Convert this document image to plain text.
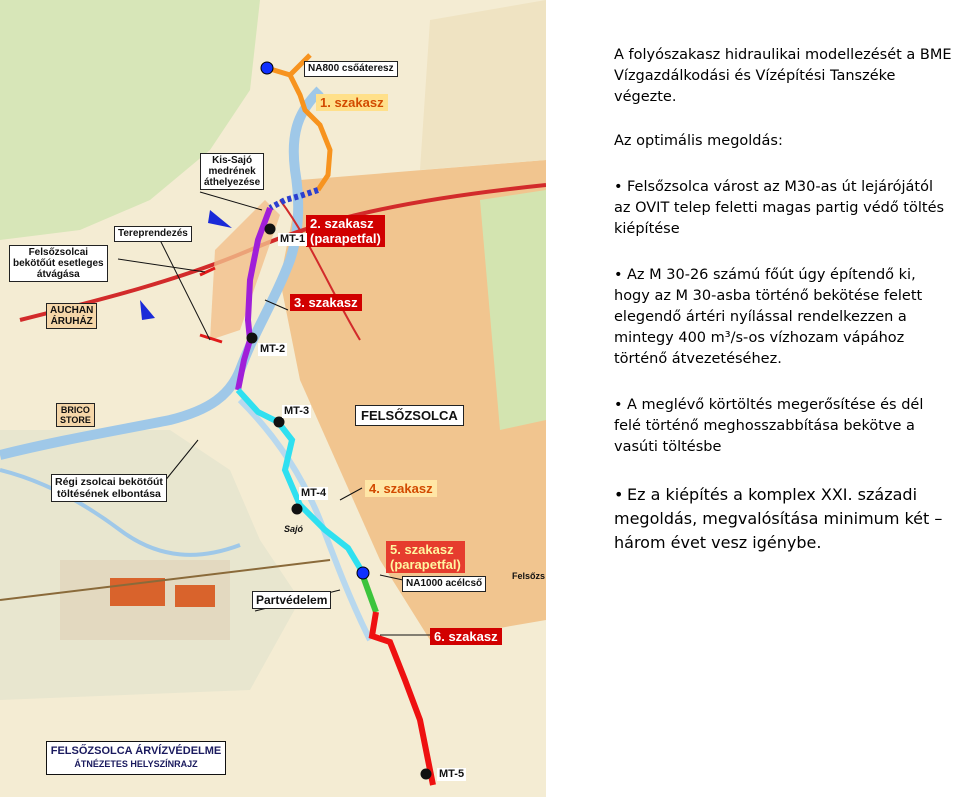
NA800 csőáteresz
1. szakasz
Kis-Sajó
medrének
áthelyezése
Tereprendezés
Felsőzsolcai
bekötőút esetleges
átvágása
2. szakasz
(parapetfal)
3. szakasz
MT-1
MT-2
MT-3
MT-4
MT-5
AUCHAN
ÁRUHÁZ
BRICO
STORE	FELSŐZSOLCA
Régi zsolcai bekötőút
töltésének elbontása	4. szakasz
5. szakasz
(parapetfal)
NA1000 acélcső
Partvédelem
6. szakasz
Felsőzs
Sajó
FELSŐZSOLCA ÁRVÍZVÉDELME
ÁTNÉZETES HELYSZÍNRAJZ

A folyószakasz hidraulikai modellezését a BME Vízgazdálkodási és Vízépítési Tanszéke végezte.

Az optimális megoldás:

• Felsőzsolca várost az M30-as út lejárójától az OVIT telep feletti magas partig védő töltés kiépítése

• Az M 30-26 számú főút úgy építendő ki, hogy az M 30-asba történő bekötése felett elegendő ártéri nyílással rendelkezzen a mintegy 400 m³/s-os vízhozam vápához történő átvezetéséhez.

• A meglévő körtöltés megerősítése és dél felé történő meghosszabbítása bekötve a vasúti töltésbe

• Ez a kiépítés a komplex XXI. századi megoldás, megvalósítása minimum két – három évet vesz igénybe.
